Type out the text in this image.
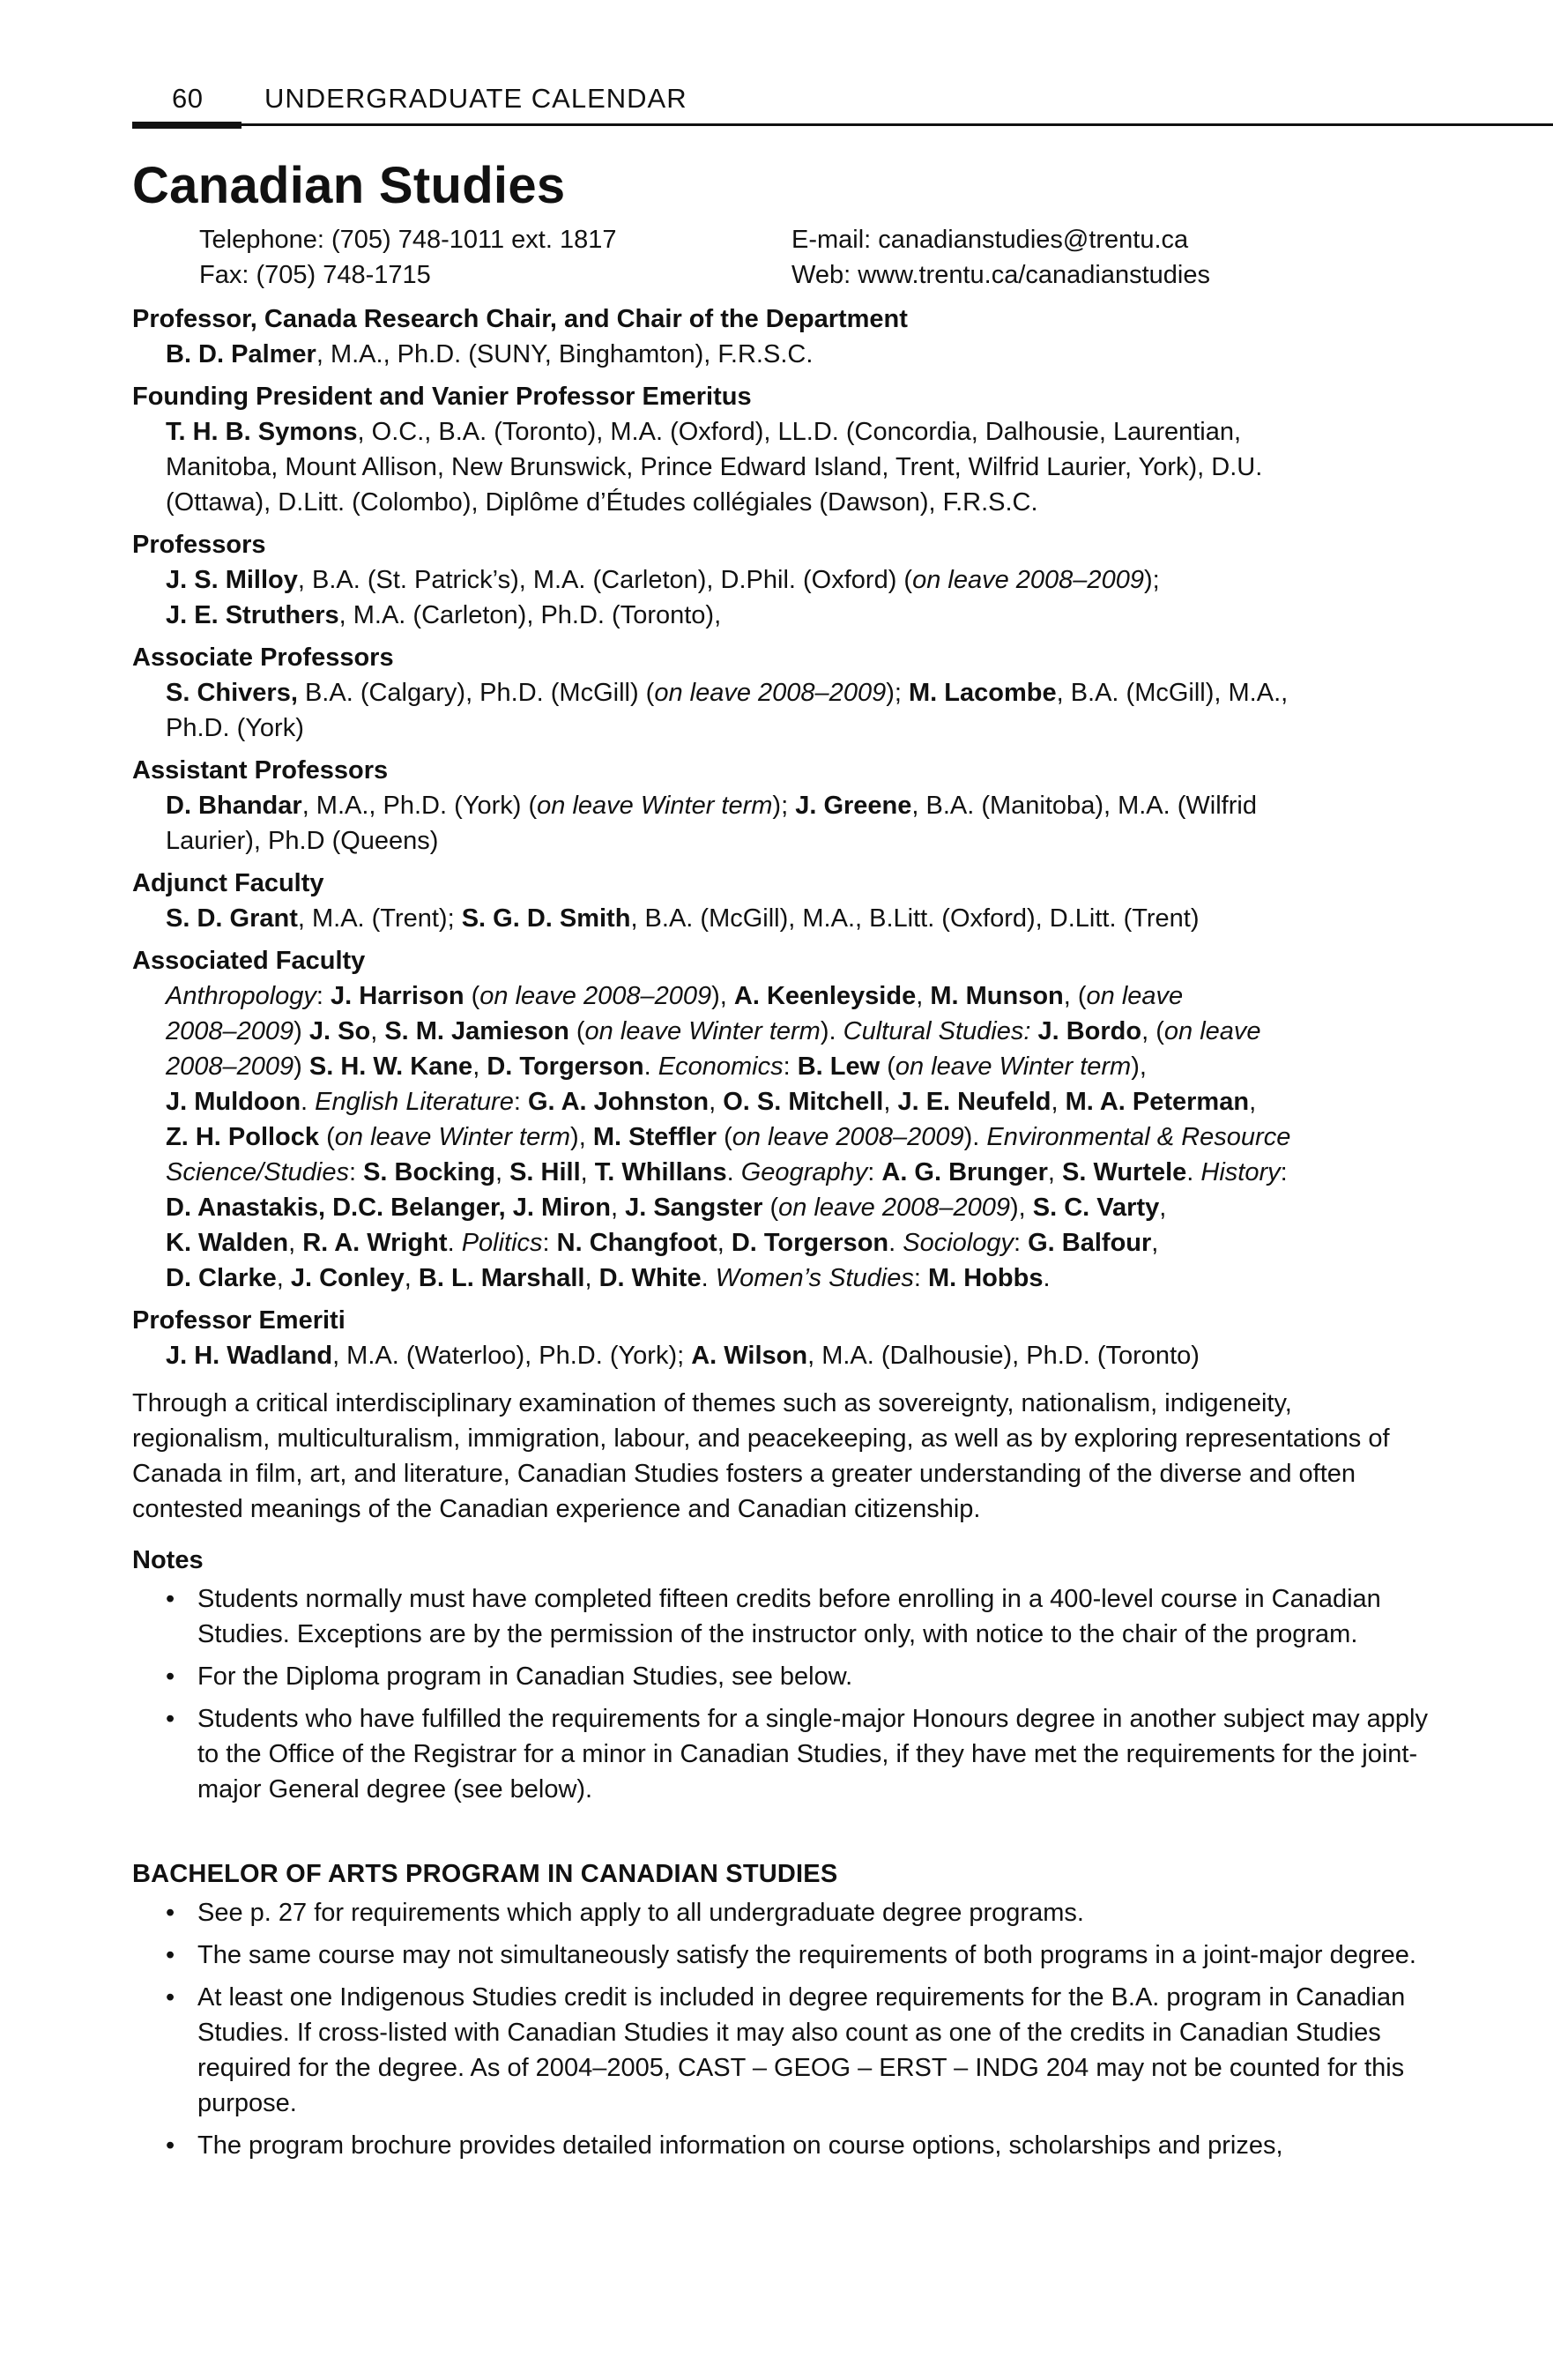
60 UNDERGRADUATE CALENDAR
Canadian Studies
Telephone: (705) 748-1011 ext. 1817	E-mail: canadianstudies@trentu.ca
Fax: (705) 748-1715	Web: www.trentu.ca/canadianstudies
Professor, Canada Research Chair, and Chair of the Department
B. D. Palmer, M.A., Ph.D. (SUNY, Binghamton), F.R.S.C.
Founding President and Vanier Professor Emeritus
T. H. B. Symons, O.C., B.A. (Toronto), M.A. (Oxford), LL.D. (Concordia, Dalhousie, Laurentian,
Manitoba, Mount Allison, New Brunswick, Prince Edward Island, Trent, Wilfrid Laurier, York), D.U.
(Ottawa), D.Litt. (Colombo), Diplôme d’Études collégiales (Dawson), F.R.S.C.
Professors
J. S. Milloy, B.A. (St. Patrick’s), M.A. (Carleton), D.Phil. (Oxford) (on leave 2008–2009);
J. E. Struthers, M.A. (Carleton), Ph.D. (Toronto),
Associate Professors
S. Chivers, B.A. (Calgary), Ph.D. (McGill) (on leave 2008–2009); M. Lacombe, B.A. (McGill), M.A.,
Ph.D. (York)
Assistant Professors
D. Bhandar, M.A., Ph.D. (York) (on leave Winter term); J. Greene, B.A. (Manitoba), M.A. (Wilfrid
Laurier), Ph.D (Queens)
Adjunct Faculty
S. D. Grant, M.A. (Trent); S. G. D. Smith, B.A. (McGill), M.A., B.Litt. (Oxford), D.Litt. (Trent)
Associated Faculty
Anthropology: J. Harrison (on leave 2008–2009), A. Keenleyside, M. Munson, (on leave
2008–2009) J. So, S. M. Jamieson (on leave Winter term). Cultural Studies: J. Bordo, (on leave
2008–2009) S. H. W. Kane, D. Torgerson. Economics: B. Lew (on leave Winter term),
J. Muldoon. English Literature: G. A. Johnston, O. S. Mitchell, J. E. Neufeld, M. A. Peterman,
Z. H. Pollock (on leave Winter term), M. Steffler (on leave 2008–2009). Environmental & Resource
Science/Studies: S. Bocking, S. Hill, T. Whillans. Geography: A. G. Brunger, S. Wurtele. History:
D. Anastakis, D.C. Belanger, J. Miron, J. Sangster (on leave 2008–2009), S. C. Varty,
K. Walden, R. A. Wright. Politics: N. Changfoot, D. Torgerson. Sociology: G. Balfour,
D. Clarke, J. Conley, B. L. Marshall, D. White. Women’s Studies: M. Hobbs.
Professor Emeriti
J. H. Wadland, M.A. (Waterloo), Ph.D. (York); A. Wilson, M.A. (Dalhousie), Ph.D. (Toronto)

Through a critical interdisciplinary examination of themes such as sovereignty, nationalism, indigeneity, regionalism, multiculturalism, immigration, labour, and peacekeeping, as well as by exploring representations of Canada in film, art, and literature, Canadian Studies fosters a greater understanding of the diverse and often contested meanings of the Canadian experience and Canadian citizenship.

Notes
• Students normally must have completed fifteen credits before enrolling in a 400-level course in Canadian Studies. Exceptions are by the permission of the instructor only, with notice to the chair of the program.
• For the Diploma program in Canadian Studies, see below.
• Students who have fulfilled the requirements for a single-major Honours degree in another subject may apply to the Office of the Registrar for a minor in Canadian Studies, if they have met the requirements for the joint-major General degree (see below).
BACHELOR OF ARTS PROGRAM IN CANADIAN STUDIES
• See p. 27 for requirements which apply to all undergraduate degree programs.
• The same course may not simultaneously satisfy the requirements of both programs in a joint-major degree.
• At least one Indigenous Studies credit is included in degree requirements for the B.A. program in Canadian Studies. If cross-listed with Canadian Studies it may also count as one of the credits in Canadian Studies required for the degree. As of 2004–2005, CAST – GEOG – ERST – INDG 204 may not be counted for this purpose.
• The program brochure provides detailed information on course options, scholarships and prizes,
